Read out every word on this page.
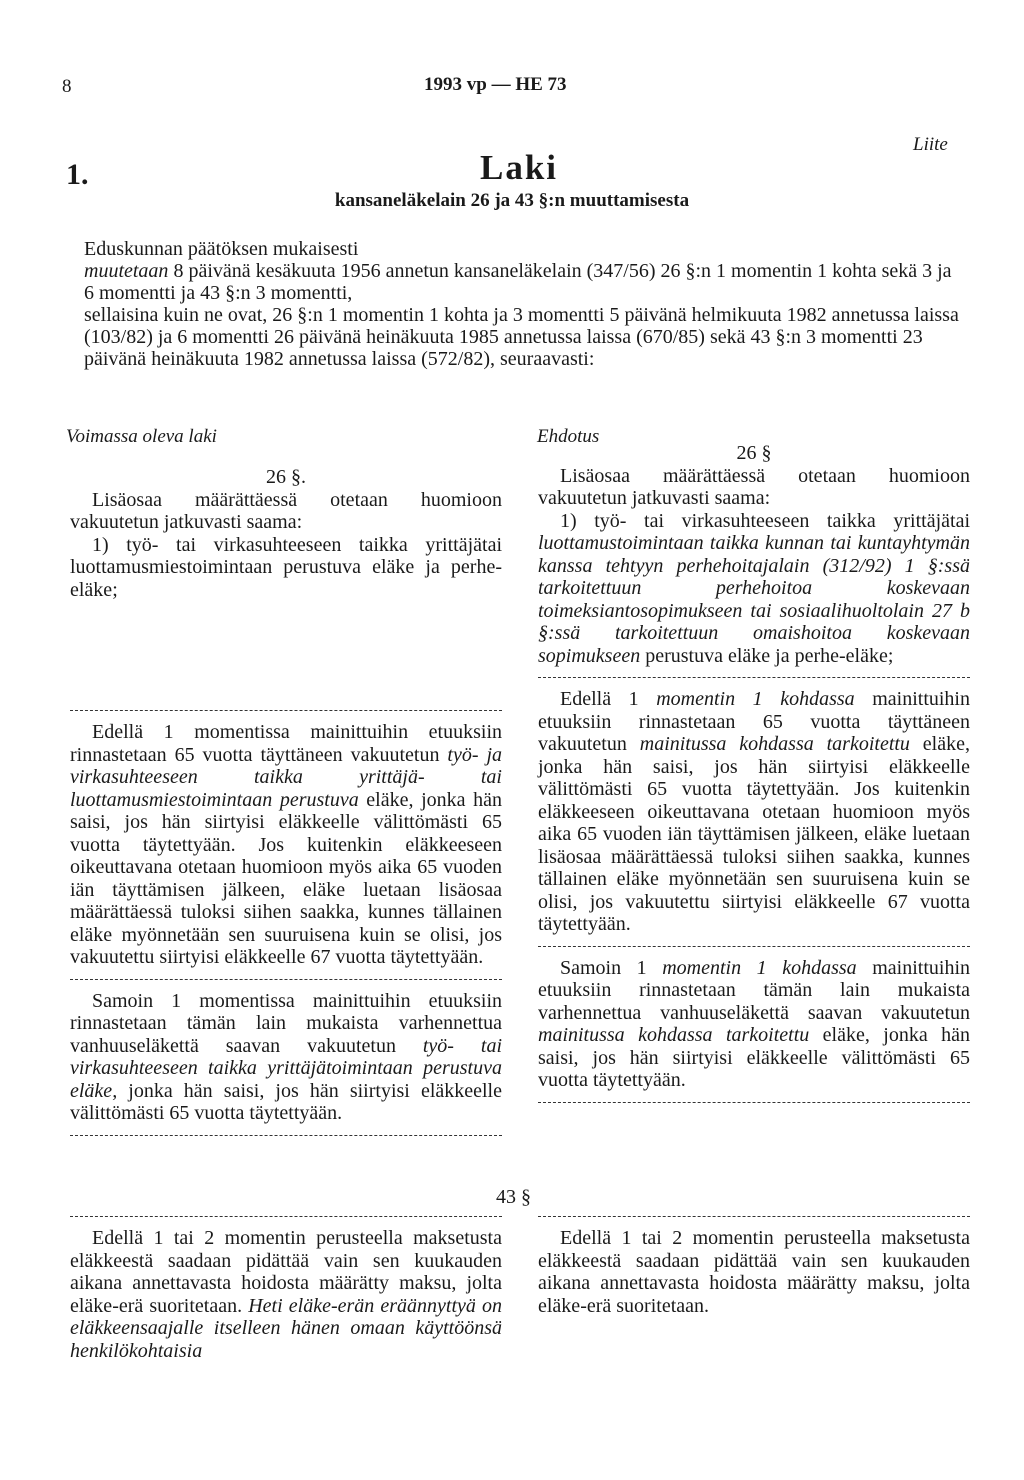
8	1993 vp — HE 73
Liite
1.	Laki
kansaneläkelain 26 ja 43 §:n muuttamisesta

Eduskunnan päätöksen mukaisesti

muutetaan 8 päivänä kesäkuuta 1956 annetun kansaneläkelain (347/56) 26 §:n 1 momentin 1 kohta sekä 3 ja 6 momentti ja 43 §:n 3 momentti,

sellaisina kuin ne ovat, 26 §:n 1 momentin 1 kohta ja 3 momentti 5 päivänä helmikuuta 1982 annetussa laissa (103/82) ja 6 momentti 26 päivänä heinäkuuta 1985 annetussa laissa (670/85) sekä 43 §:n 3 momentti 23 päivänä heinäkuuta 1982 annetussa laissa (572/82), seuraavasti:

Voimassa oleva laki	Ehdotus

26 §.

Lisäosaa määrättäessä otetaan huomioon vakuutetun jatkuvasti saama:

1) työ- tai virkasuhteeseen taikka yrittäjätai luottamusmiestoimintaan perustuva eläke ja perhe-eläke;

Edellä 1 momentissa mainittuihin etuuksiin rinnastetaan 65 vuotta täyttäneen vakuutetun työ- ja virkasuhteeseen taikka yrittäjä- tai luottamusmiestoimintaan perustuva eläke, jonka hän saisi, jos hän siirtyisi eläkkeelle välittömästi 65 vuotta täytettyään. Jos kuitenkin eläkkeeseen oikeuttavana otetaan huomioon myös aika 65 vuoden iän täyttämisen jälkeen, eläke luetaan lisäosaa määrättäessä tuloksi siihen saakka, kunnes tällainen eläke myönnetään sen suuruisena kuin se olisi, jos vakuutettu siirtyisi eläkkeelle 67 vuotta täytettyään.

Samoin 1 momentissa mainittuihin etuuksiin rinnastetaan tämän lain mukaista varhennettua vanhuuseläkettä saavan vakuutetun työ- tai virkasuhteeseen taikka yrittäjätoimintaan perustuva eläke, jonka hän saisi, jos hän siirtyisi eläkkeelle välittömästi 65 vuotta täytettyään.

26 §

Lisäosaa määrättäessä otetaan huomioon vakuutetun jatkuvasti saama:

1) työ- tai virkasuhteeseen taikka yrittäjätai luottamustoimintaan taikka kunnan tai kuntayhtymän kanssa tehtyyn perhehoitajalain (312/92) 1 §:ssä tarkoitettuun perhehoitoa koskevaan toimeksiantosopimukseen tai sosiaalihuoltolain 27 b §:ssä tarkoitettuun omaishoitoa koskevaan sopimukseen perustuva eläke ja perhe-eläke;

Edellä 1 momentin 1 kohdassa mainittuihin etuuksiin rinnastetaan 65 vuotta täyttäneen vakuutetun mainitussa kohdassa tarkoitettu eläke, jonka hän saisi, jos hän siirtyisi eläkkeelle välittömästi 65 vuotta täytettyään. Jos kuitenkin eläkkeeseen oikeuttavana otetaan huomioon myös aika 65 vuoden iän täyttämisen jälkeen, eläke luetaan lisäosaa määrättäessä tuloksi siihen saakka, kunnes tällainen eläke myönnetään sen suuruisena kuin se olisi, jos vakuutettu siirtyisi eläkkeelle 67 vuotta täytettyään.

Samoin 1 momentin 1 kohdassa mainittuihin etuuksiin rinnastetaan tämän lain mukaista varhennettua vanhuuseläkettä saavan vakuutetun mainitussa kohdassa tarkoitettu eläke, jonka hän saisi, jos hän siirtyisi eläkkeelle välittömästi 65 vuotta täytettyään.

43 §

Edellä 1 tai 2 momentin perusteella maksetusta eläkkeestä saadaan pidättää vain sen kuukauden aikana annettavasta hoidosta määrätty maksu, jolta eläke-erä suoritetaan. Heti eläke-erän eräännyttyä on eläkkeensaajalle itselleen hänen omaan käyttöönsä henkilökohtaisia

Edellä 1 tai 2 momentin perusteella maksetusta eläkkeestä saadaan pidättää vain sen kuukauden aikana annettavasta hoidosta määrätty maksu, jolta eläke-erä suoritetaan.
